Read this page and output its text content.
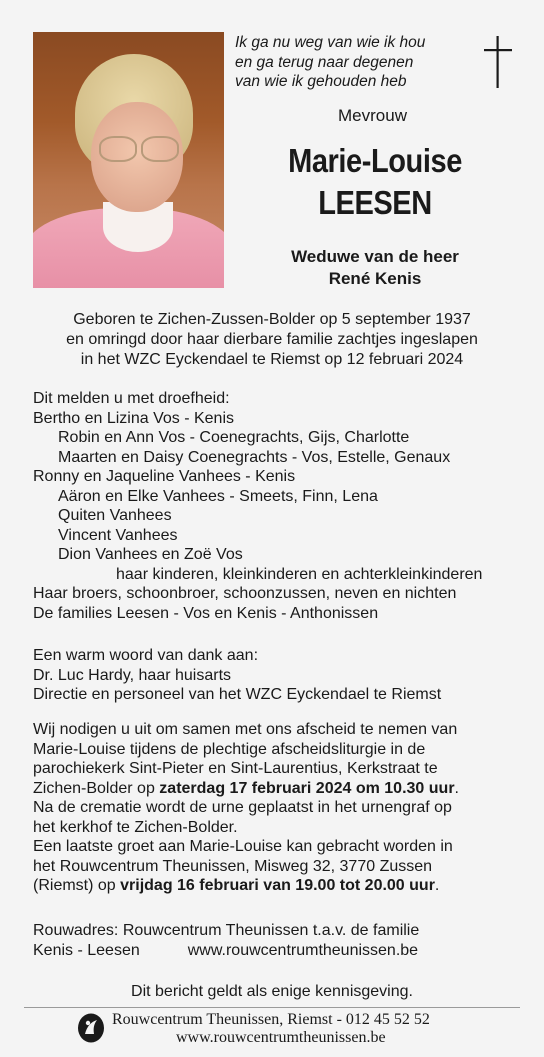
Ik ga nu weg van wie ik hou
en ga terug naar degenen
van wie ik gehouden heb
Mevrouw
Marie-Louise
LEESEN
Weduwe van de heer
René Kenis
Geboren te Zichen-Zussen-Bolder op 5 september 1937
en omringd door haar dierbare familie zachtjes ingeslapen
in het WZC Eyckendael te Riemst op 12 februari 2024
Dit melden u met droefheid:
Bertho en Lizina Vos - Kenis
Robin en Ann Vos - Coenegrachts, Gijs, Charlotte
Maarten en Daisy Coenegrachts - Vos, Estelle, Genaux
Ronny en Jaqueline Vanhees - Kenis
Aäron en Elke Vanhees - Smeets, Finn, Lena
Quiten Vanhees
Vincent Vanhees
Dion Vanhees en Zoë Vos
haar kinderen, kleinkinderen en achterkleinkinderen
Haar broers, schoonbroer, schoonzussen, neven en nichten
De families Leesen - Vos en Kenis - Anthonissen
Een warm woord van dank aan:
Dr. Luc Hardy, haar huisarts
Directie en personeel van het WZC Eyckendael te Riemst
Wij nodigen u uit om samen met ons afscheid te nemen van
Marie-Louise tijdens de plechtige afscheidsliturgie in de
parochiekerk Sint-Pieter en Sint-Laurentius, Kerkstraat te
Zichen-Bolder op zaterdag 17 februari 2024 om 10.30 uur.
Na de crematie wordt de urne geplaatst in het urnengraf op
het kerkhof te Zichen-Bolder.
Een laatste groet aan Marie-Louise kan gebracht worden in
het Rouwcentrum Theunissen, Misweg 32, 3770 Zussen
(Riemst) op vrijdag 16 februari van 19.00 tot 20.00 uur.
Rouwadres: Rouwcentrum Theunissen t.a.v. de familie
Kenis - Leesen	www.rouwcentrumtheunissen.be
Dit bericht geldt als enige kennisgeving.
Rouwcentrum Theunissen, Riemst - 012 45 52 52
www.rouwcentrumtheunissen.be
